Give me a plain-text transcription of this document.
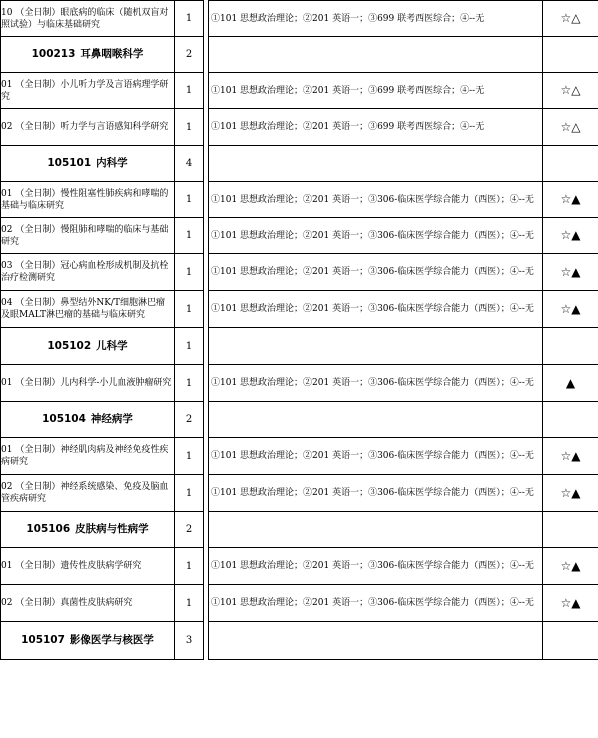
10 （全日制）眼底病的临床（随机双盲对照试验）与临床基础研究	1		①101 思想政治理论；②201 英语一；③699 联考西医综合；④--无	☆△
100213 耳鼻咽喉科学	2			
01 （全日制）小儿听力学及言语病理学研究	1		①101 思想政治理论；②201 英语一；③699 联考西医综合；④--无	☆△
02 （全日制）听力学与言语感知科学研究	1		①101 思想政治理论；②201 英语一；③699 联考西医综合；④--无	☆△
105101 内科学	4			
01 （全日制）慢性阻塞性肺疾病和哮喘的基础与临床研究	1		①101 思想政治理论；②201 英语一；③306-临床医学综合能力（西医）；④--无	☆▲
02 （全日制）慢阻肺和哮喘的临床与基础研究	1		①101 思想政治理论；②201 英语一；③306-临床医学综合能力（西医）；④--无	☆▲
03 （全日制）冠心病血栓形成机制及抗栓治疗检测研究	1		①101 思想政治理论；②201 英语一；③306-临床医学综合能力（西医）；④--无	☆▲
04 （全日制）鼻型结外NK/T细胞淋巴瘤及眼MALT淋巴瘤的基础与临床研究	1		①101 思想政治理论；②201 英语一；③306-临床医学综合能力（西医）；④--无	☆▲
105102 儿科学	1			
01 （全日制）儿内科学-小儿血液肿瘤研究	1		①101 思想政治理论；②201 英语一；③306-临床医学综合能力（西医）；④--无	▲
105104 神经病学	2			
01 （全日制）神经肌肉病及神经免疫性疾病研究	1		①101 思想政治理论；②201 英语一；③306-临床医学综合能力（西医）；④--无	☆▲
02 （全日制）神经系统感染、免疫及脑血管疾病研究	1		①101 思想政治理论；②201 英语一；③306-临床医学综合能力（西医）；④--无	☆▲
105106 皮肤病与性病学	2			
01 （全日制）遗传性皮肤病学研究	1		①101 思想政治理论；②201 英语一；③306-临床医学综合能力（西医）；④--无	☆▲
02 （全日制）真菌性皮肤病研究	1		①101 思想政治理论；②201 英语一；③306-临床医学综合能力（西医）；④--无	☆▲
105107 影像医学与核医学	3			
